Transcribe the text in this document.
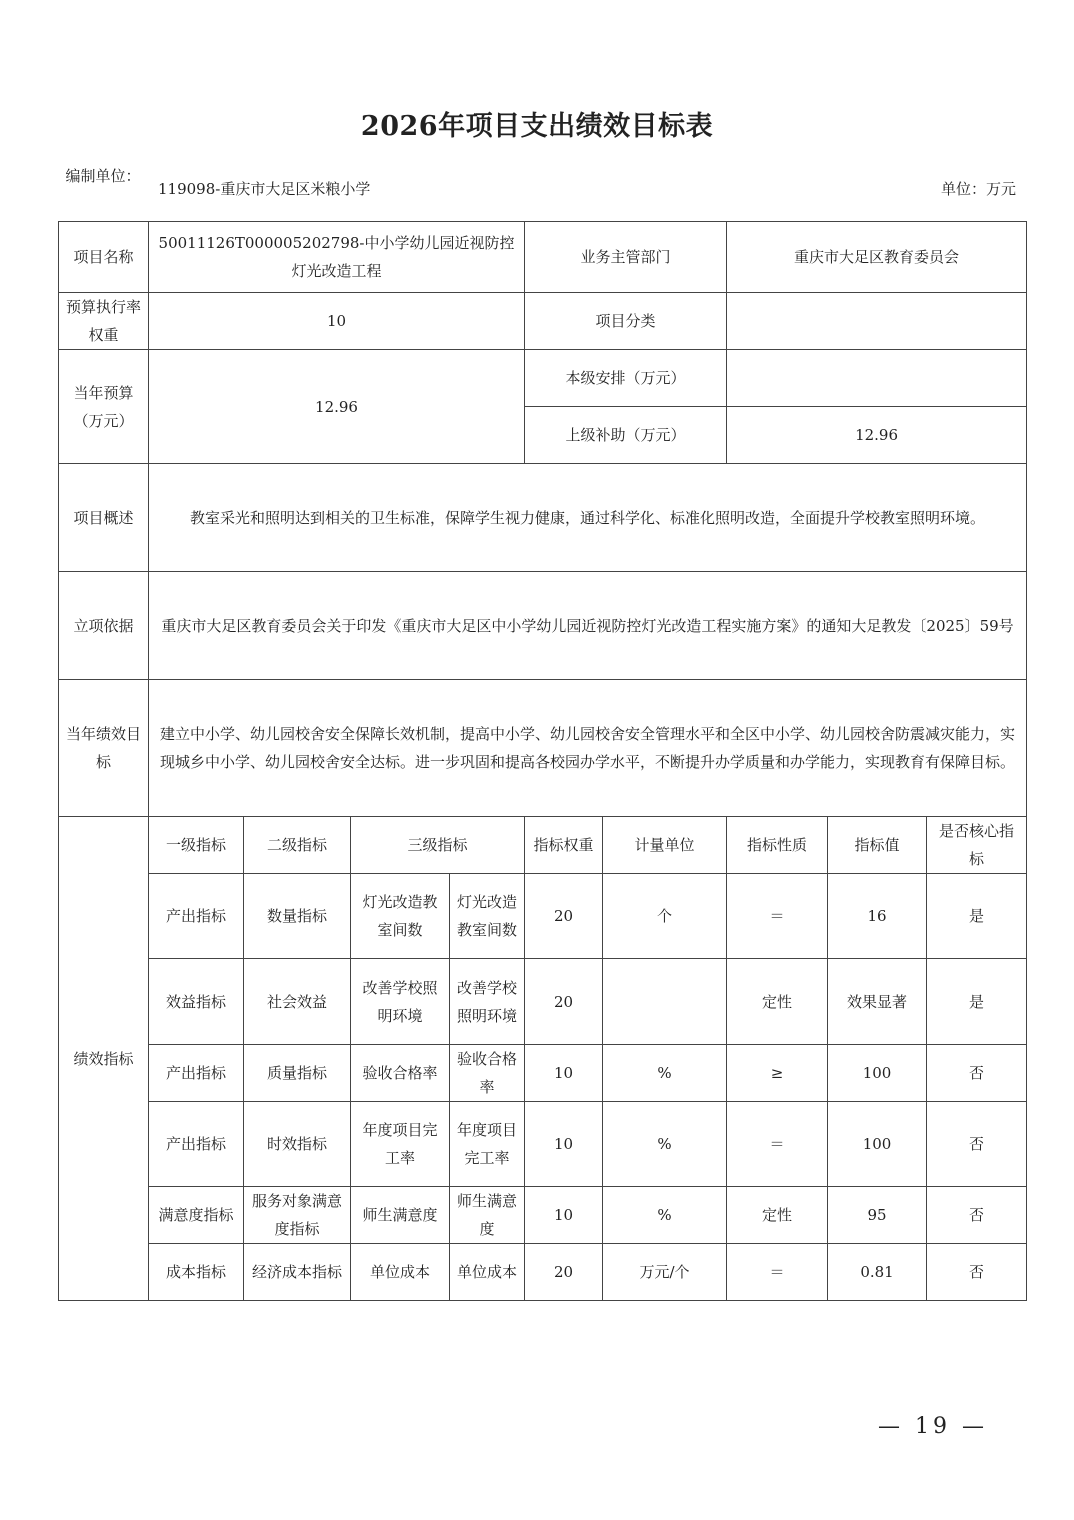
2026年项目支出绩效目标表
编制单位：
119098-重庆市大足区米粮小学	单位：万元
项目名称	50011126T000005202798-中小学幼儿园近视防控灯光改造工程				业务主管部门		重庆市大足区教育委员会		
预算执行率权重	10				项目分类				
当年预算（万元）	12.96				本级安排（万元）				
					上级补助（万元）		12.96		
项目概述	教室采光和照明达到相关的卫生标准，保障学生视力健康，通过科学化、标准化照明改造，全面提升学校教室照明环境。								
立项依据	重庆市大足区教育委员会关于印发《重庆市大足区中小学幼儿园近视防控灯光改造工程实施方案》的通知大足教发〔2025〕59号								
当年绩效目标	建立中小学、幼儿园校舍安全保障长效机制，提高中小学、幼儿园校舍安全管理水平和全区中小学、幼儿园校舍防震减灾能力，实现城乡中小学、幼儿园校舍安全达标。进一步巩固和提高各校园办学水平，不断提升办学质量和办学能力，实现教育有保障目标。								
绩效指标	一级指标	二级指标	三级指标		指标权重	计量单位	指标性质	指标值	是否核心指标
	产出指标	数量指标	灯光改造教室间数	灯光改造教室间数	20	个	＝	16	是
	效益指标	社会效益	改善学校照明环境	改善学校照明环境	20		定性	效果显著	是
	产出指标	质量指标	验收合格率	验收合格率	10	%	≥	100	否
	产出指标	时效指标	年度项目完工率	年度项目完工率	10	%	＝	100	否
	满意度指标	服务对象满意度指标	师生满意度	师生满意度	10	%	定性	95	否
	成本指标	经济成本指标	单位成本	单位成本	20	万元/个	＝	0.81	否
— 19 —
